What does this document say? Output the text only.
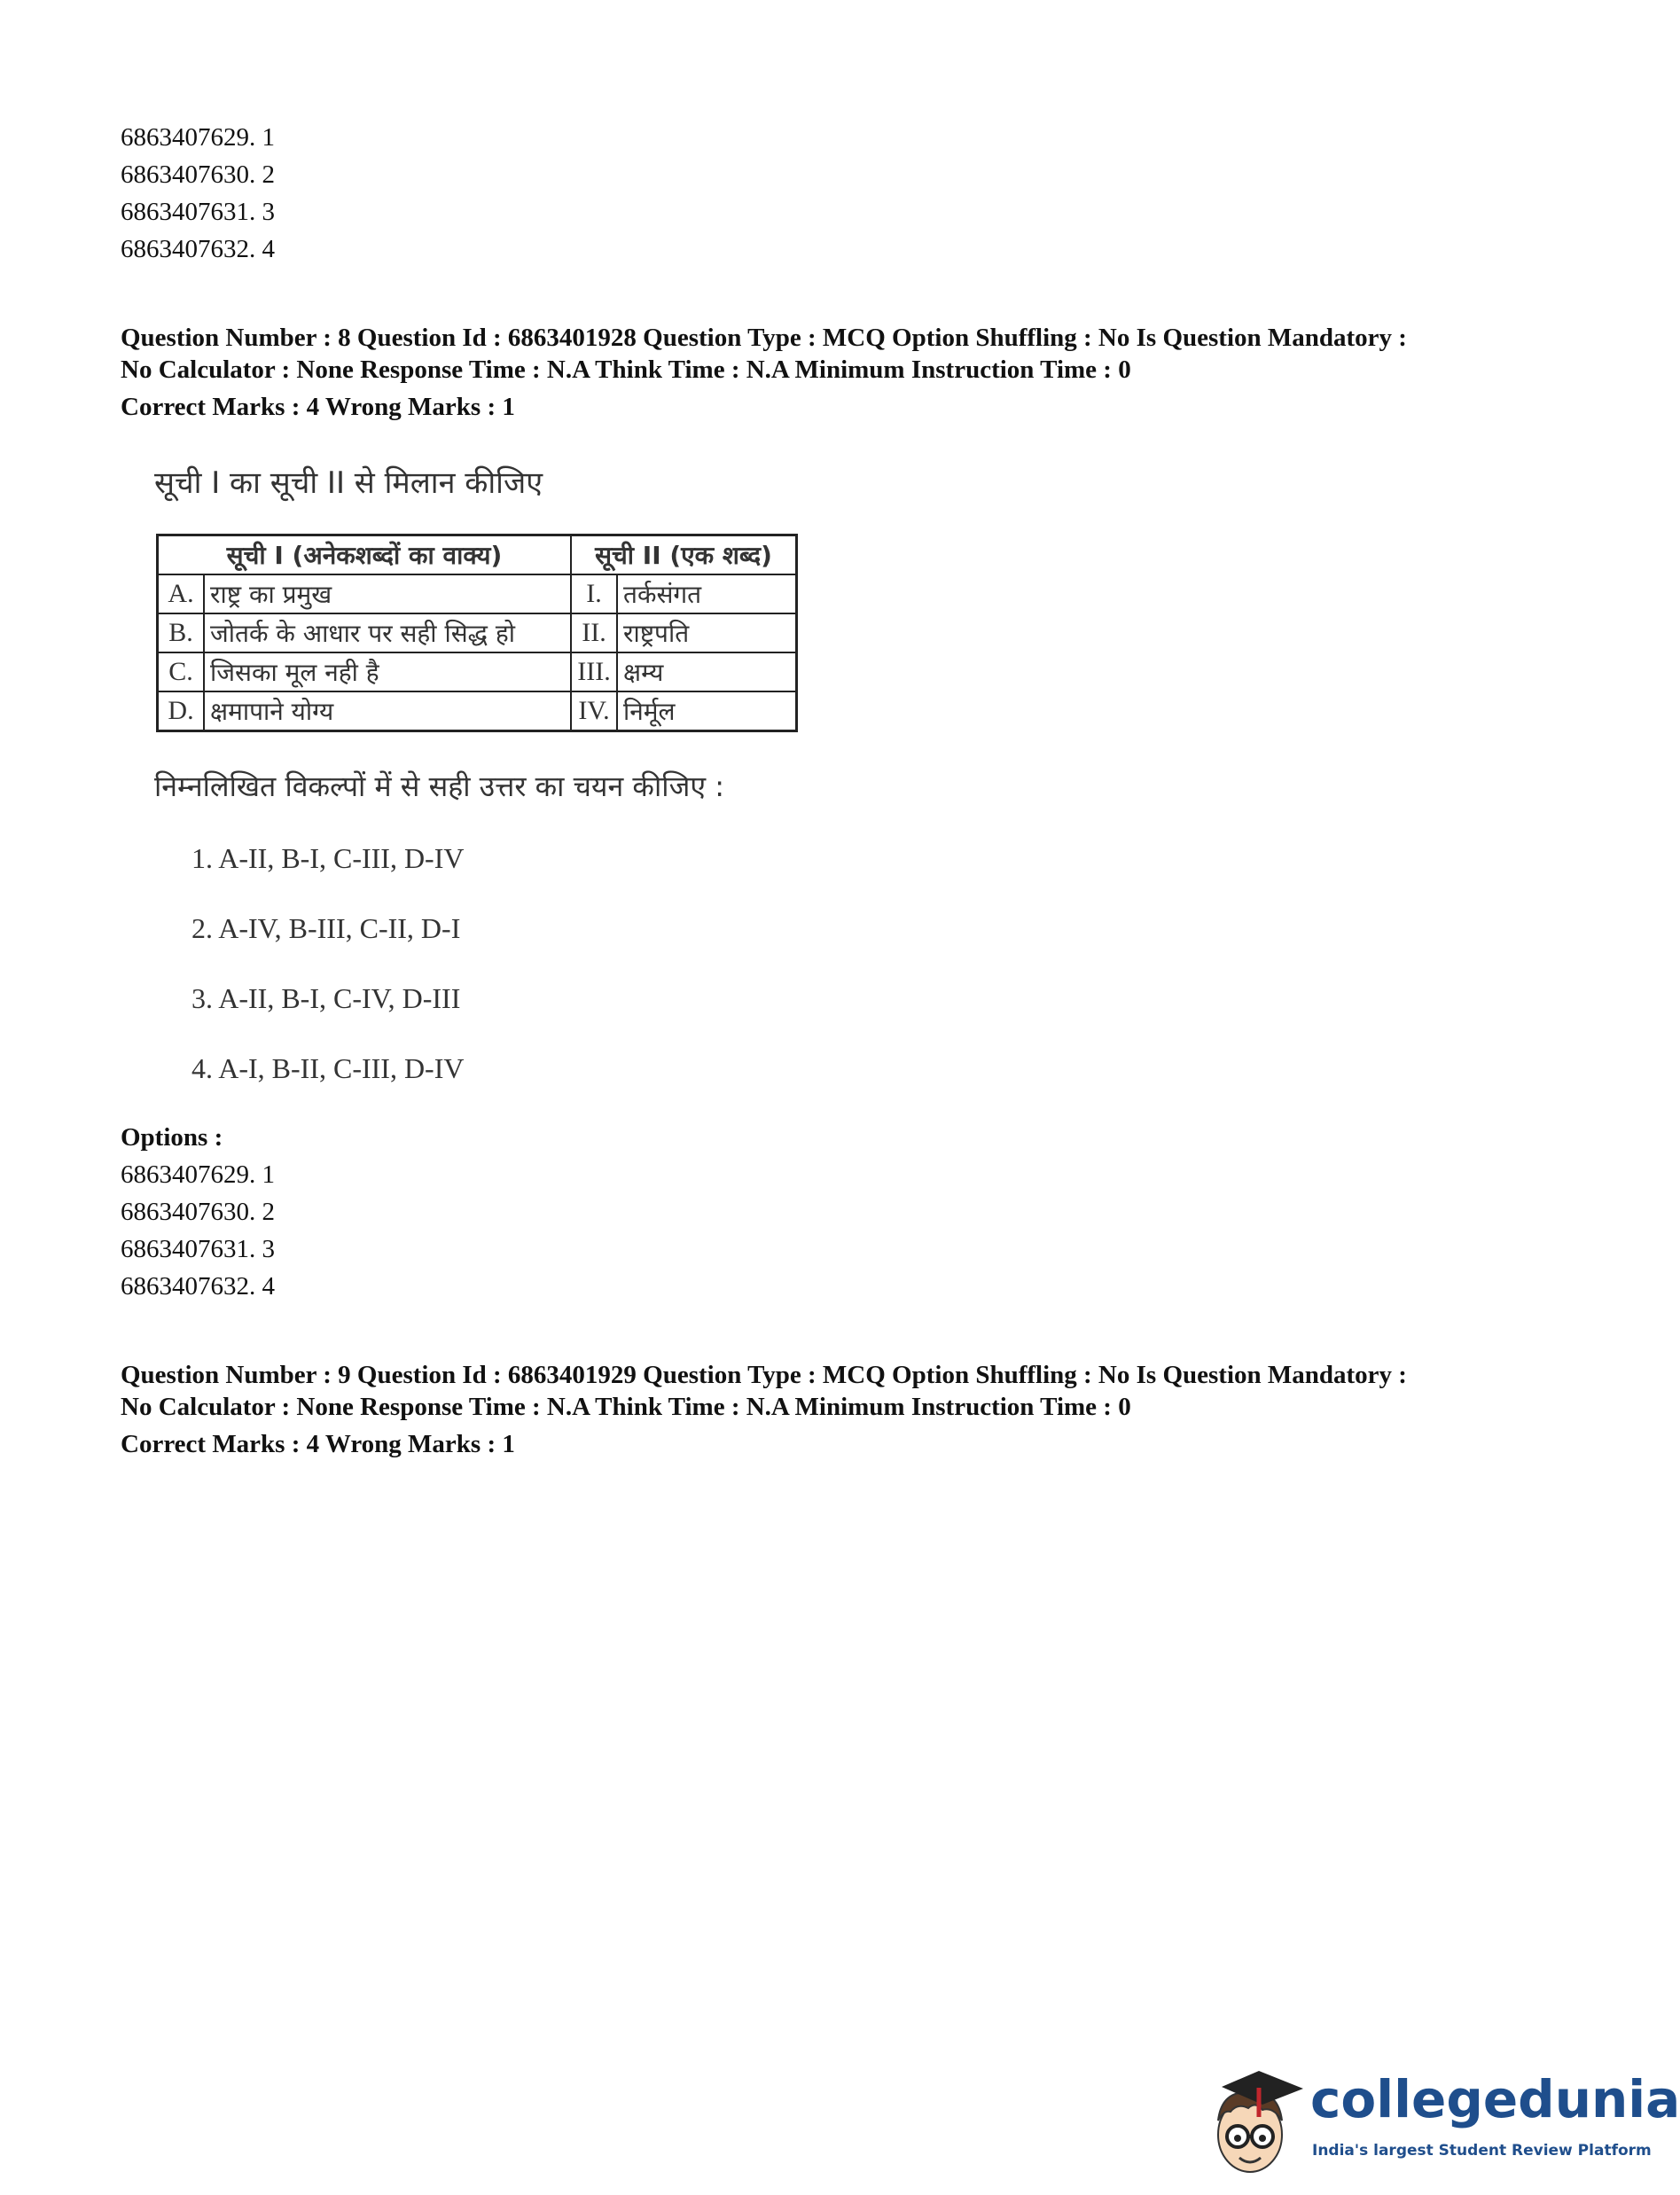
6863407629. 1
6863407630. 2
6863407631. 3
6863407632. 4
Question Number : 8 Question Id : 6863401928 Question Type : MCQ Option Shuffling : No Is Question Mandatory :
No Calculator : None Response Time : N.A Think Time : N.A Minimum Instruction Time : 0
Correct Marks : 4 Wrong Marks : 1
सूची I का सूची II से मिलान कीजिए
सूची I (अनेकशब्दों का वाक्य)		सूची II (एक शब्द)	
A.	राष्ट्र का प्रमुख	I.	तर्कसंगत
B.	जोतर्क के आधार पर सही सिद्ध हो	II.	राष्ट्रपति
C.	जिसका मूल नही है	III.	क्षम्य
D.	क्षमापाने योग्य	IV.	निर्मूल
निम्नलिखित विकल्पों में से सही उत्तर का चयन कीजिए :
1. A-II, B-I, C-III, D-IV
2. A-IV, B-III, C-II, D-I
3. A-II, B-I, C-IV, D-III
4. A-I, B-II, C-III, D-IV
Options :
6863407629. 1
6863407630. 2
6863407631. 3
6863407632. 4
Question Number : 9 Question Id : 6863401929 Question Type : MCQ Option Shuffling : No Is Question Mandatory :
No Calculator : None Response Time : N.A Think Time : N.A Minimum Instruction Time : 0
Correct Marks : 4 Wrong Marks : 1
collegedunia
India's largest Student Review Platform
